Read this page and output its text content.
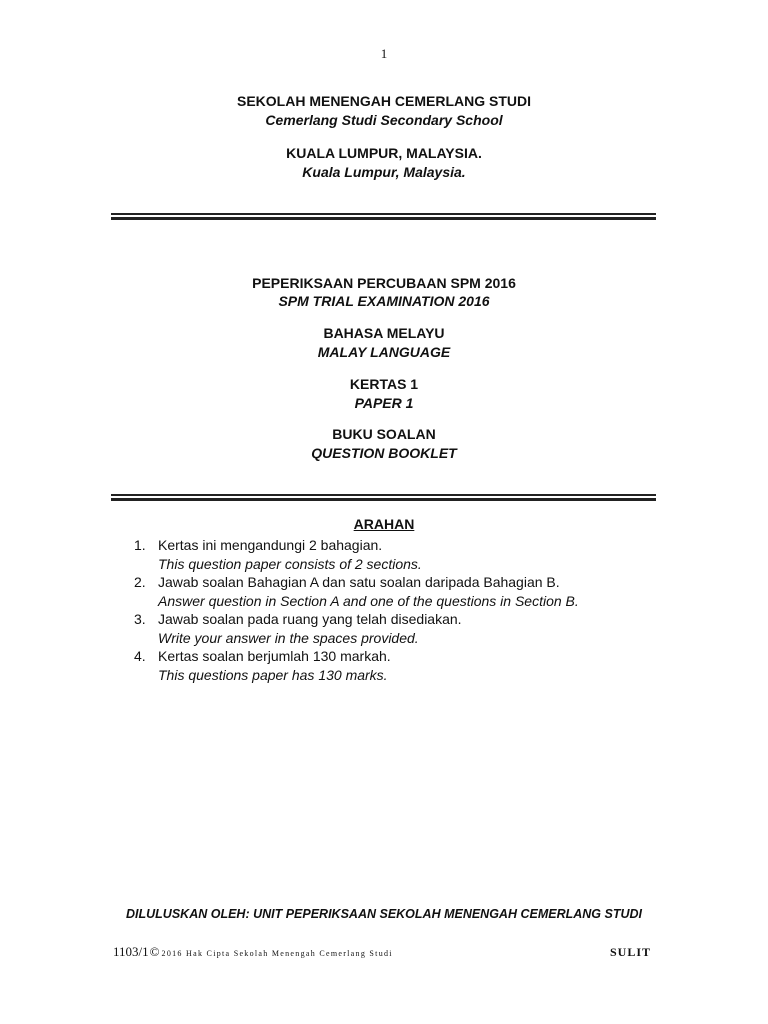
1
SEKOLAH MENENGAH CEMERLANG STUDI
Cemerlang Studi Secondary School
KUALA LUMPUR, MALAYSIA.
Kuala Lumpur, Malaysia.
PEPERIKSAAN PERCUBAAN SPM 2016
SPM TRIAL EXAMINATION 2016
BAHASA MELAYU
MALAY LANGUAGE
KERTAS 1
PAPER 1
BUKU SOALAN
QUESTION BOOKLET
ARAHAN
1. Kertas ini mengandungi 2 bahagian.
This question paper consists of 2 sections.
2. Jawab soalan Bahagian A dan satu soalan daripada Bahagian B.
Answer question in Section A and one of the questions in Section B.
3. Jawab soalan pada ruang yang telah disediakan.
Write your answer in the spaces provided.
4. Kertas soalan berjumlah 130 markah.
This questions paper has 130 marks.
DILULUSKAN OLEH: UNIT PEPERIKSAAN SEKOLAH MENENGAH CEMERLANG STUDI
1103/1 © 2016 Hak Cipta Sekolah Menengah Cemerlang Studi	SULIT
